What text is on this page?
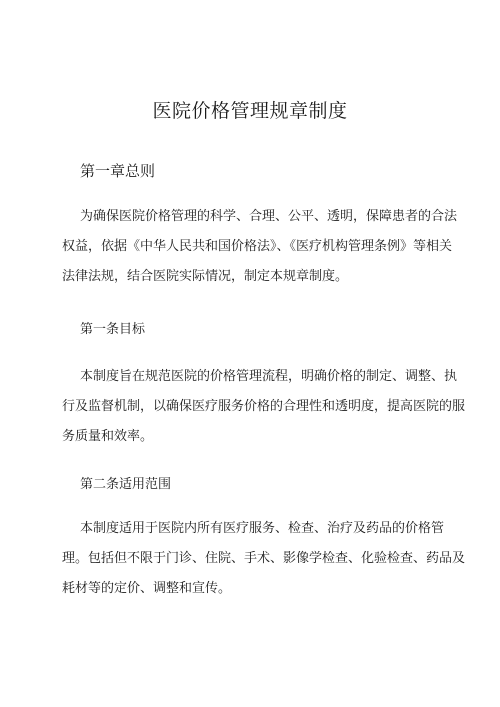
医院价格管理规章制度
第一章总则
为确保医院价格管理的科学、合理、公平、透明，保障患者的合法
权益，依据《中华人民共和国价格法》、《医疗机构管理条例》等相关
法律法规，结合医院实际情况，制定本规章制度。
第一条目标
本制度旨在规范医院的价格管理流程，明确价格的制定、调整、执
行及监督机制，以确保医疗服务价格的合理性和透明度，提高医院的服
务质量和效率。
第二条适用范围
本制度适用于医院内所有医疗服务、检查、治疗及药品的价格管
理。包括但不限于门诊、住院、手术、影像学检查、化验检查、药品及
耗材等的定价、调整和宣传。
